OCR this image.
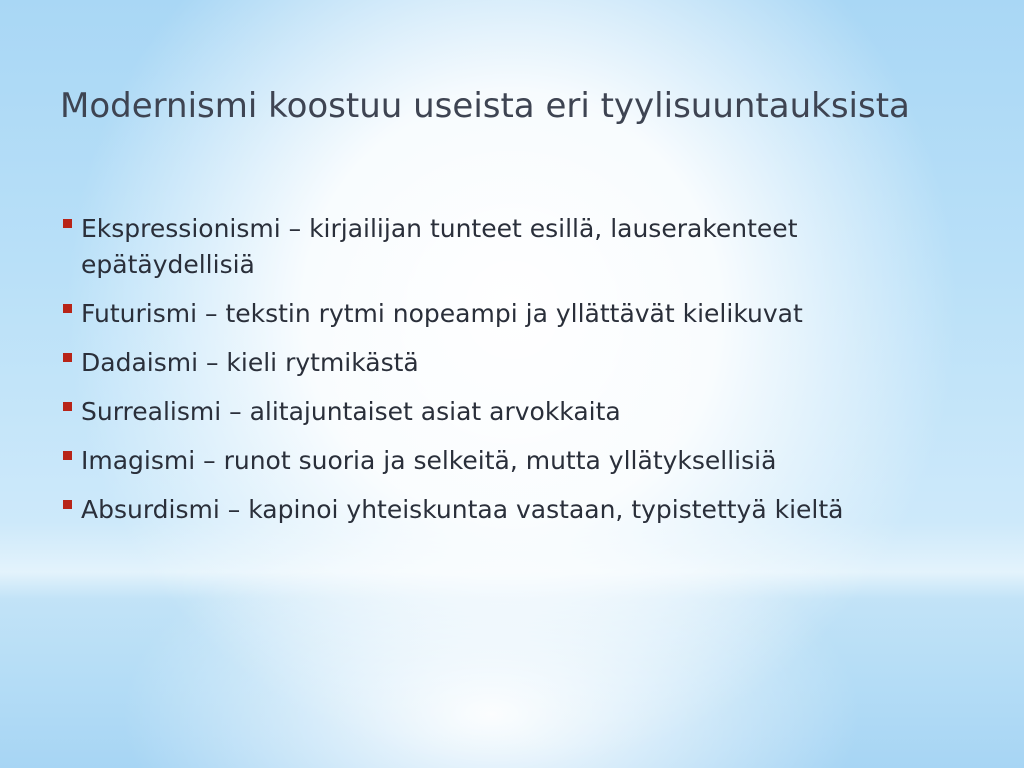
Modernismi koostuu useista eri tyylisuuntauksista
Ekspressionismi – kirjailijan tunteet esillä, lauserakenteet epätäydellisiä
Futurismi – tekstin rytmi nopeampi ja yllättävät kielikuvat
Dadaismi – kieli rytmikästä
Surrealismi – alitajuntaiset asiat arvokkaita
Imagismi – runot suoria ja selkeitä, mutta yllätyksellisiä
Absurdismi – kapinoi yhteiskuntaa vastaan, typistettyä kieltä
